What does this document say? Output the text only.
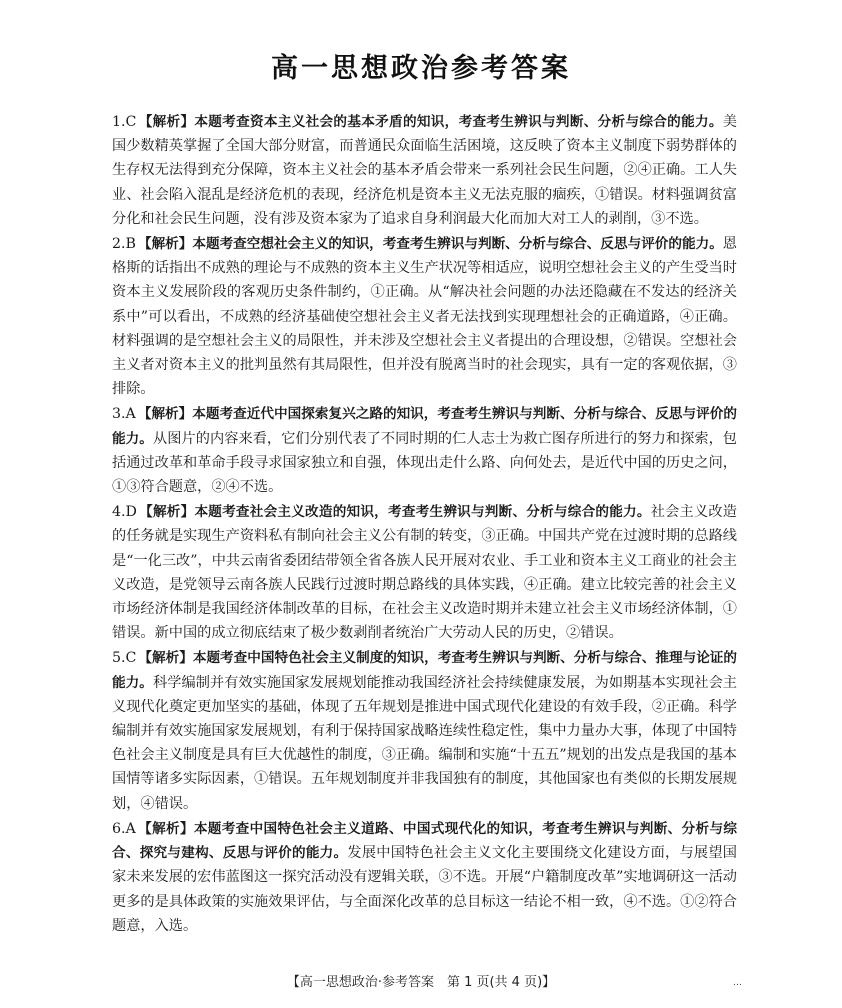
高一思想政治参考答案
1.C 【解析】本题考查资本主义社会的基本矛盾的知识，考查考生辨识与判断、分析与综合的能力。美国少数精英掌握了全国大部分财富，而普通民众面临生活困境，这反映了资本主义制度下弱势群体的生存权无法得到充分保障，资本主义社会的基本矛盾会带来一系列社会民生问题，②④正确。工人失业、社会陷入混乱是经济危机的表现，经济危机是资本主义无法克服的痼疾，①错误。材料强调贫富分化和社会民生问题，没有涉及资本家为了追求自身利润最大化而加大对工人的剥削，③不选。
2.B 【解析】本题考查空想社会主义的知识，考查考生辨识与判断、分析与综合、反思与评价的能力。恩格斯的话指出不成熟的理论与不成熟的资本主义生产状况等相适应，说明空想社会主义的产生受当时资本主义发展阶段的客观历史条件制约，①正确。从“解决社会问题的办法还隐藏在不发达的经济关系中”可以看出，不成熟的经济基础使空想社会主义者无法找到实现理想社会的正确道路，④正确。材料强调的是空想社会主义的局限性，并未涉及空想社会主义者提出的合理设想，②错误。空想社会主义者对资本主义的批判虽然有其局限性，但并没有脱离当时的社会现实，具有一定的客观依据，③排除。
3.A 【解析】本题考查近代中国探索复兴之路的知识，考查考生辨识与判断、分析与综合、反思与评价的能力。从图片的内容来看，它们分别代表了不同时期的仁人志士为救亡图存所进行的努力和探索，包括通过改革和革命手段寻求国家独立和自强，体现出走什么路、向何处去，是近代中国的历史之问，①③符合题意，②④不选。
4.D 【解析】本题考查社会主义改造的知识，考查考生辨识与判断、分析与综合的能力。社会主义改造的任务就是实现生产资料私有制向社会主义公有制的转变，③正确。中国共产党在过渡时期的总路线是“一化三改”，中共云南省委团结带领全省各族人民开展对农业、手工业和资本主义工商业的社会主义改造，是党领导云南各族人民践行过渡时期总路线的具体实践，④正确。建立比较完善的社会主义市场经济体制是我国经济体制改革的目标，在社会主义改造时期并未建立社会主义市场经济体制，①错误。新中国的成立彻底结束了极少数剥削者统治广大劳动人民的历史，②错误。
5.C 【解析】本题考查中国特色社会主义制度的知识，考查考生辨识与判断、分析与综合、推理与论证的能力。科学编制并有效实施国家发展规划能推动我国经济社会持续健康发展，为如期基本实现社会主义现代化奠定更加坚实的基础，体现了五年规划是推进中国式现代化建设的有效手段，②正确。科学编制并有效实施国家发展规划，有利于保持国家战略连续性稳定性，集中力量办大事，体现了中国特色社会主义制度是具有巨大优越性的制度，③正确。编制和实施“十五五”规划的出发点是我国的基本国情等诸多实际因素，①错误。五年规划制度并非我国独有的制度，其他国家也有类似的长期发展规划，④错误。
6.A 【解析】本题考查中国特色社会主义道路、中国式现代化的知识，考查考生辨识与判断、分析与综合、探究与建构、反思与评价的能力。发展中国特色社会主义文化主要围绕文化建设方面，与展望国家未来发展的宏伟蓝图这一探究活动没有逻辑关联，③不选。开展“户籍制度改革”实地调研这一活动更多的是具体政策的实施效果评估，与全面深化改革的总目标这一结论不相一致，④不选。①②符合题意，入选。
【高一思想政治·参考答案　第 1 页(共 4 页)】	…
